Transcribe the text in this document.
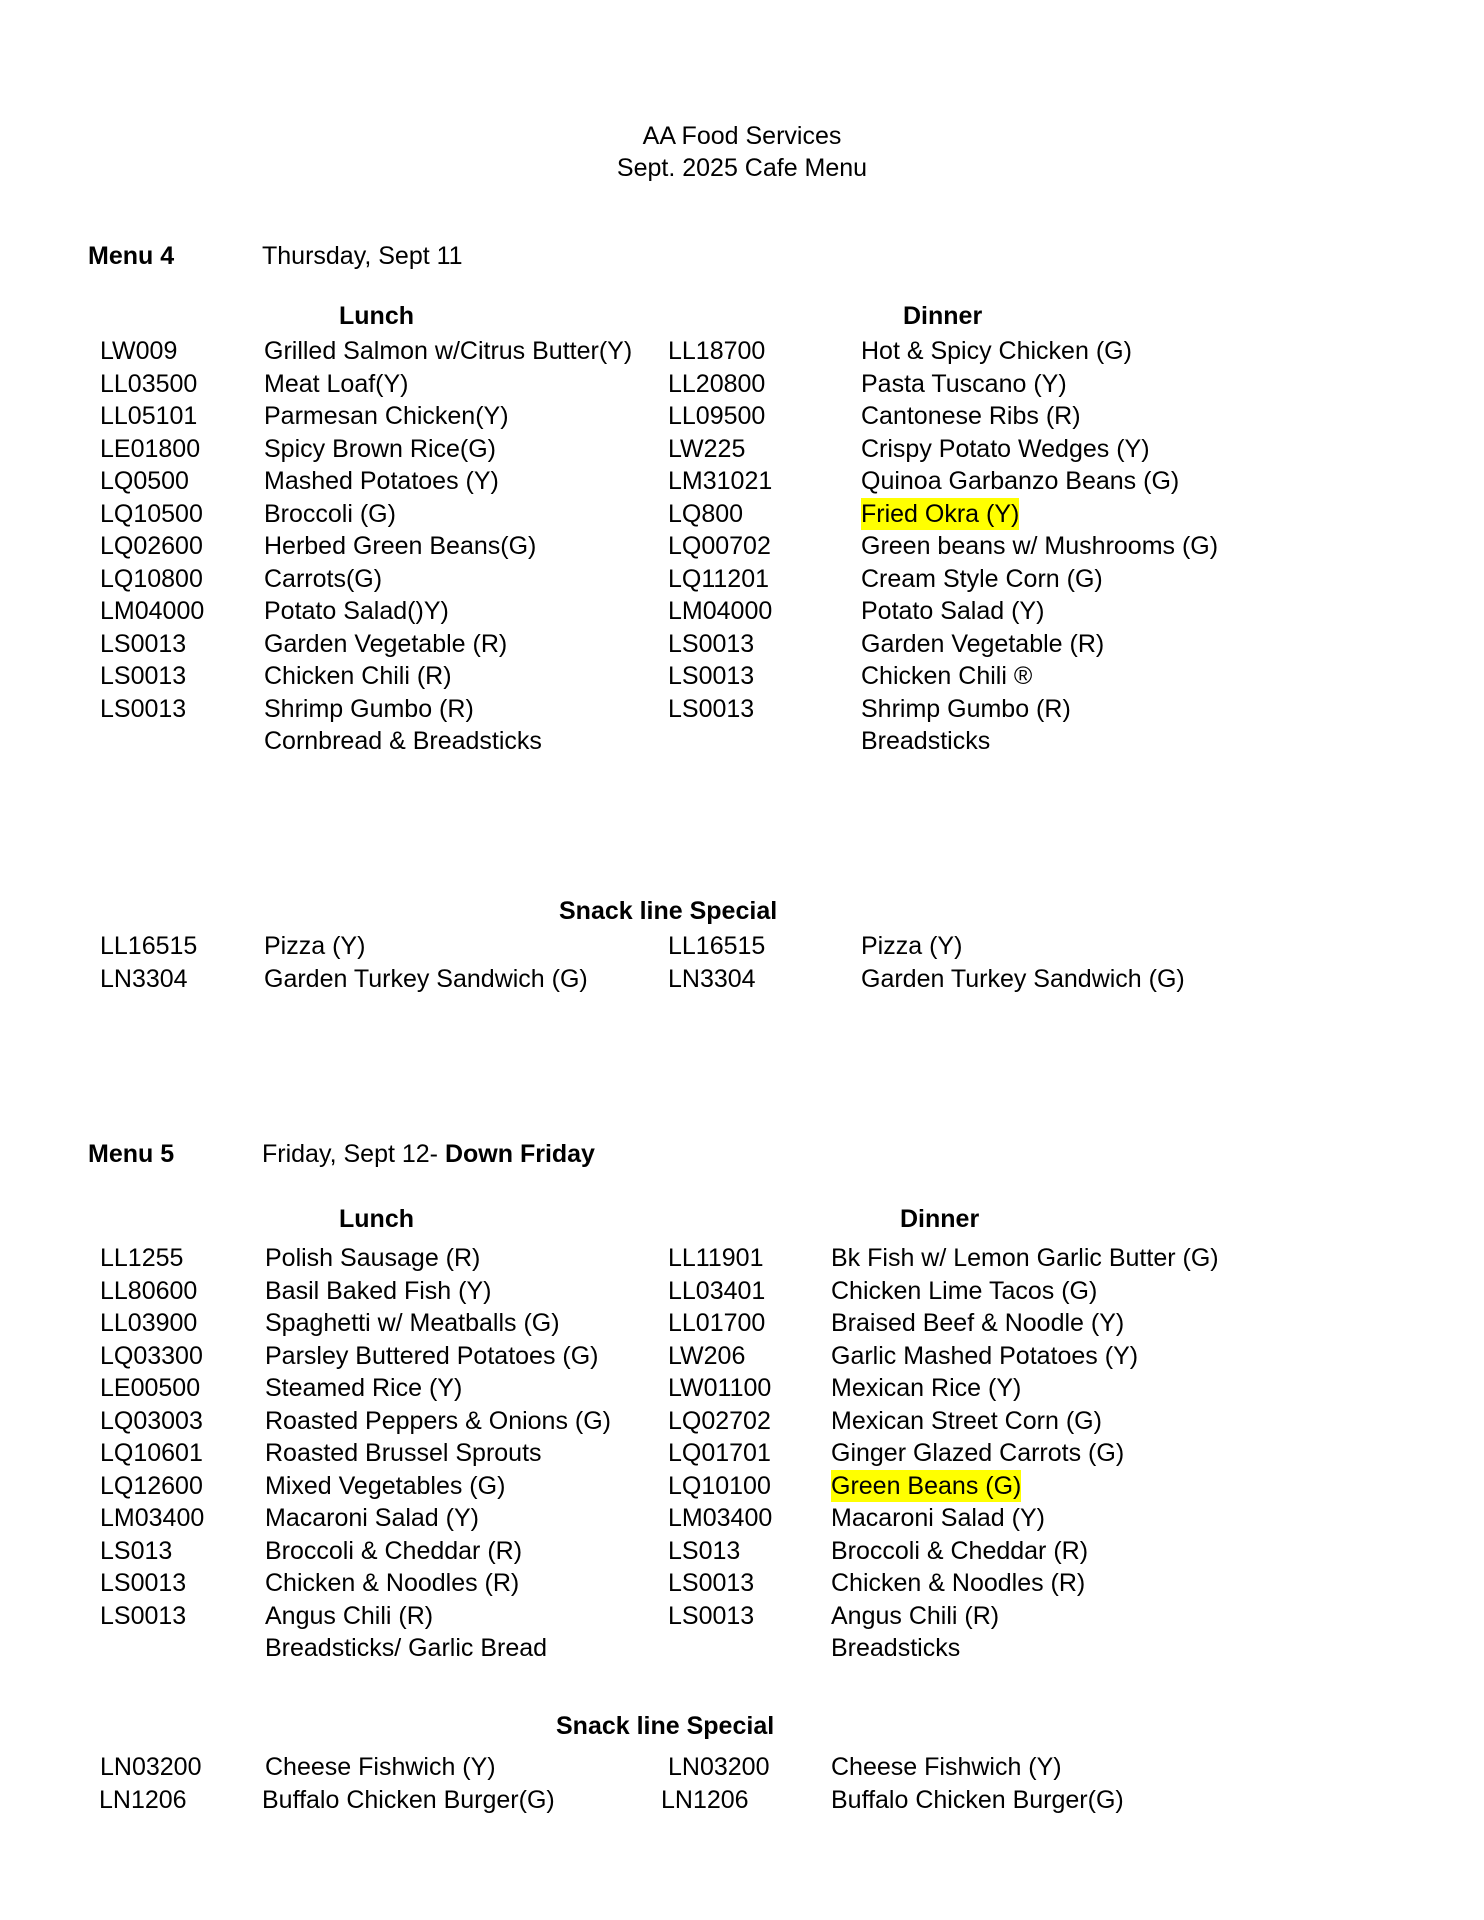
AA Food Services
Sept. 2025 Cafe Menu
Menu 4	Thursday, Sept 11
Lunch	Dinner
LW009	Grilled Salmon w/Citrus Butter(Y) LL18700	Hot & Spicy Chicken (G)
LL03500	Meat Loaf(Y)	LL20800	Pasta Tuscano (Y)
LL05101	Parmesan Chicken(Y)	LL09500	Cantonese Ribs (R)
LE01800	Spicy Brown Rice(G)	LW225	Crispy Potato Wedges (Y)
LQ0500	Mashed Potatoes (Y)	LM31021	Quinoa Garbanzo Beans (G)
LQ10500 Broccoli (G)	LQ800	Fried Okra (Y)
LQ02600 Herbed Green Beans(G)	LQ00702	Green beans w/ Mushrooms (G)
LQ10800 Carrots(G)	LQ11201	Cream Style Corn (G)
LM04000 Potato Salad()Y)	LM04000	Potato Salad (Y)
LS0013	Garden Vegetable (R)	LS0013	Garden Vegetable (R)
LS0013	Chicken Chili (R)	LS0013	Chicken Chili ®
LS0013	Shrimp Gumbo (R)	LS0013	Shrimp Gumbo (R)
Cornbread & Breadsticks	Breadsticks
Snack line Special
LL16515	Pizza (Y)	LL16515	Pizza (Y)
LN3304	Garden Turkey Sandwich (G)	LN3304	Garden Turkey Sandwich (G)
Menu 5	Friday, Sept 12- Down Friday
Lunch	Dinner
LL1255	Polish Sausage (R)	LL11901	Bk Fish w/ Lemon Garlic Butter (G)
LL80600	Basil Baked Fish (Y)	LL03401	Chicken Lime Tacos (G)
LL03900	Spaghetti w/ Meatballs (G)	LL01700	Braised Beef & Noodle (Y)
LQ03300 Parsley Buttered Potatoes (G)	LW206	Garlic Mashed Potatoes (Y)
LE00500	Steamed Rice (Y)	LW01100 Mexican Rice (Y)
LQ03003 Roasted Peppers & Onions (G) LQ02702 Mexican Street Corn (G)
LQ10601 Roasted Brussel Sprouts	LQ01701 Ginger Glazed Carrots (G)
LQ12600 Mixed Vegetables (G)	LQ10100 Green Beans (G)
LM03400 Macaroni Salad (Y)	LM03400 Macaroni Salad (Y)
LS013	Broccoli & Cheddar (R)	LS013	Broccoli & Cheddar (R)
LS0013	Chicken & Noodles (R)	LS0013	Chicken & Noodles (R)
LS0013	Angus Chili (R)	LS0013	Angus Chili (R)
Breadsticks/ Garlic Bread	Breadsticks
Snack line Special
LN03200	Cheese Fishwich (Y)	LN03200 Cheese Fishwich (Y)
LN1206	Buffalo Chicken Burger(G)	LN1206	Buffalo Chicken Burger(G)
